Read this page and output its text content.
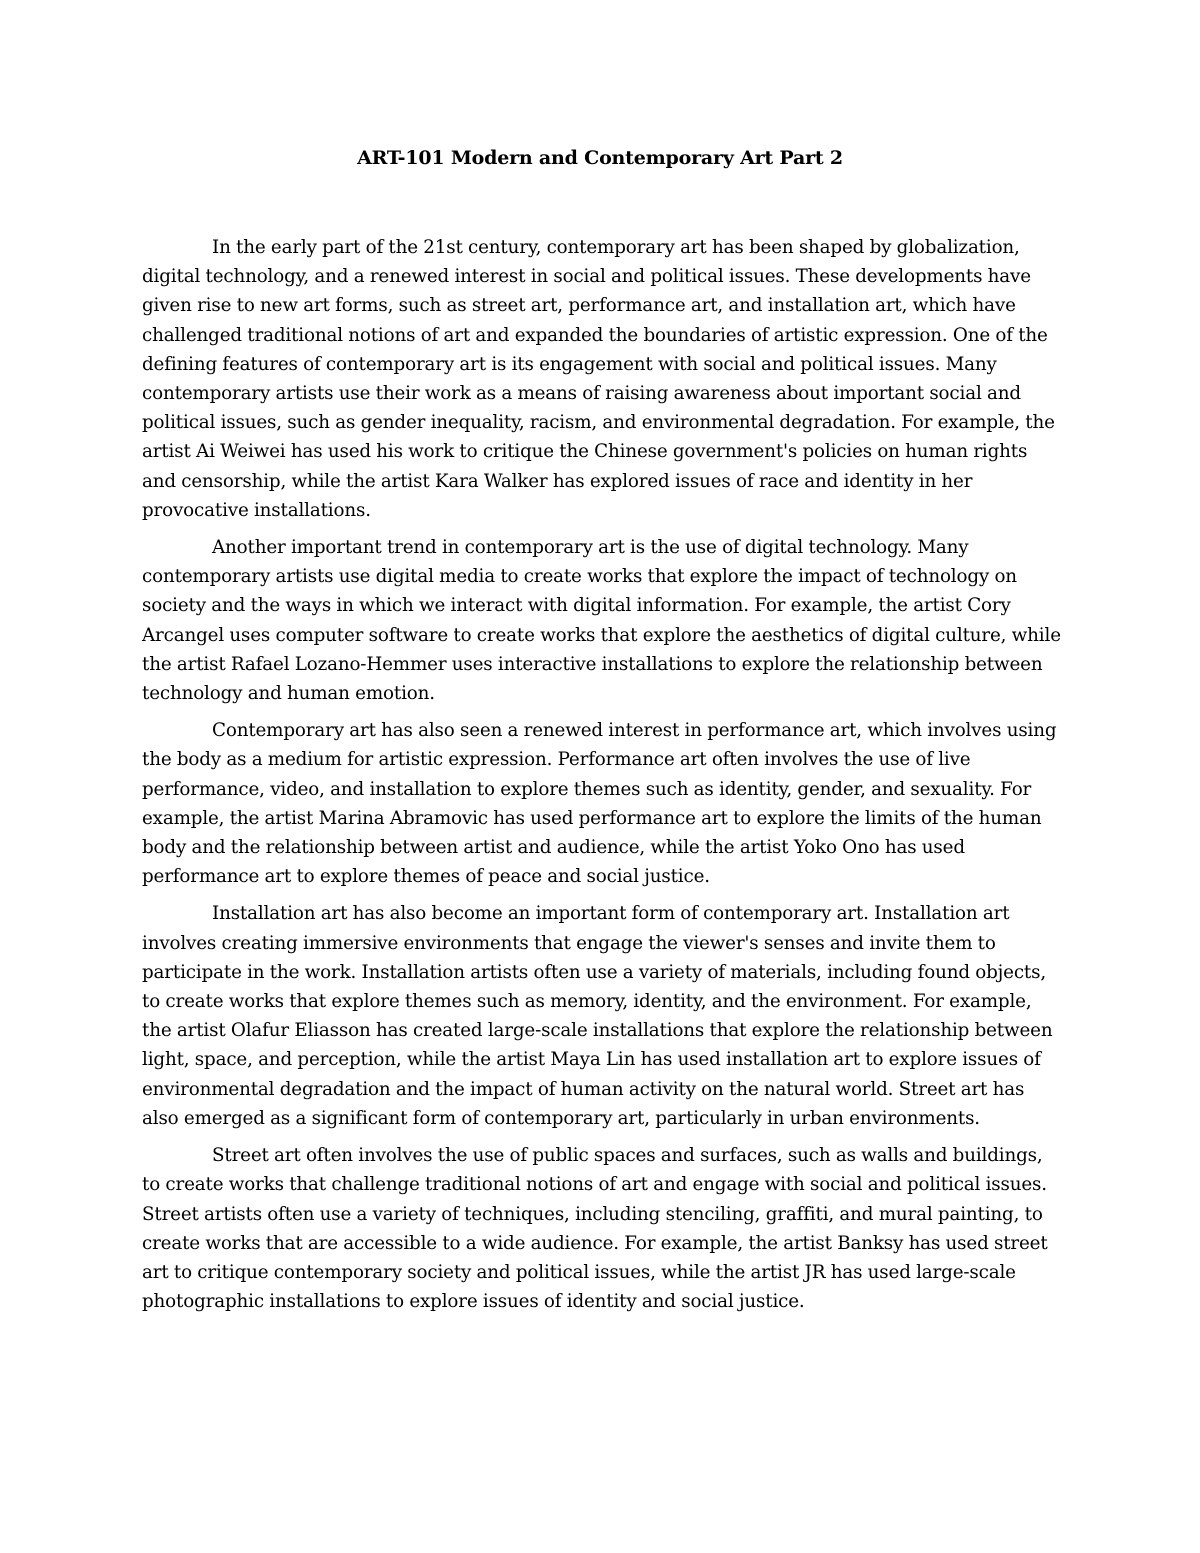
ART-101 Modern and Contemporary Art Part 2

In the early part of the 21st century, contemporary art has been shaped by globalization, digital technology, and a renewed interest in social and political issues. These developments have given rise to new art forms, such as street art, performance art, and installation art, which have challenged traditional notions of art and expanded the boundaries of artistic expression. One of the defining features of contemporary art is its engagement with social and political issues. Many contemporary artists use their work as a means of raising awareness about important social and political issues, such as gender inequality, racism, and environmental degradation. For example, the artist Ai Weiwei has used his work to critique the Chinese government's policies on human rights and censorship, while the artist Kara Walker has explored issues of race and identity in her provocative installations.

Another important trend in contemporary art is the use of digital technology. Many contemporary artists use digital media to create works that explore the impact of technology on society and the ways in which we interact with digital information. For example, the artist Cory Arcangel uses computer software to create works that explore the aesthetics of digital culture, while the artist Rafael Lozano-Hemmer uses interactive installations to explore the relationship between technology and human emotion.

Contemporary art has also seen a renewed interest in performance art, which involves using the body as a medium for artistic expression. Performance art often involves the use of live performance, video, and installation to explore themes such as identity, gender, and sexuality. For example, the artist Marina Abramovic has used performance art to explore the limits of the human body and the relationship between artist and audience, while the artist Yoko Ono has used performance art to explore themes of peace and social justice.

Installation art has also become an important form of contemporary art. Installation art involves creating immersive environments that engage the viewer's senses and invite them to participate in the work. Installation artists often use a variety of materials, including found objects, to create works that explore themes such as memory, identity, and the environment. For example, the artist Olafur Eliasson has created large-scale installations that explore the relationship between light, space, and perception, while the artist Maya Lin has used installation art to explore issues of environmental degradation and the impact of human activity on the natural world. Street art has also emerged as a significant form of contemporary art, particularly in urban environments.

Street art often involves the use of public spaces and surfaces, such as walls and buildings, to create works that challenge traditional notions of art and engage with social and political issues. Street artists often use a variety of techniques, including stenciling, graffiti, and mural painting, to create works that are accessible to a wide audience. For example, the artist Banksy has used street art to critique contemporary society and political issues, while the artist JR has used large-scale photographic installations to explore issues of identity and social justice.
